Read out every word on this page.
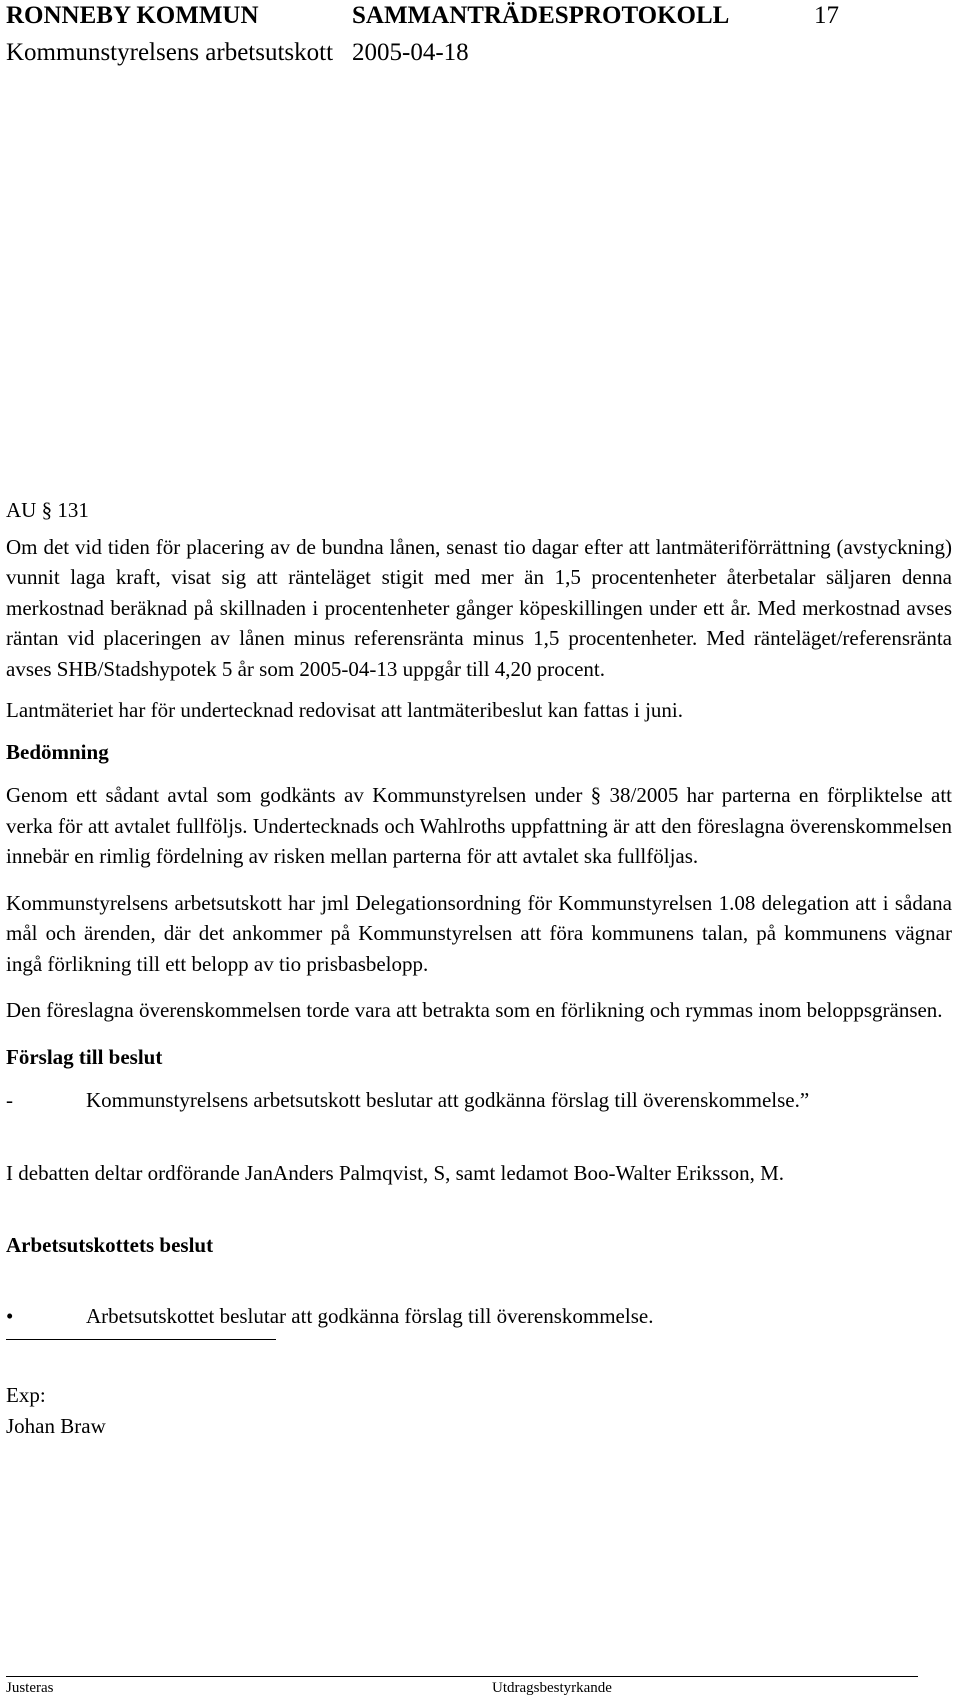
RONNEBY KOMMUN	SAMMANTRÄDESPROTOKOLL	17
Kommunstyrelsens arbetsutskott 2005-04-18

AU § 131

Om det vid tiden för placering av de bundna lånen, senast tio dagar efter att lantmäteriförrättning (avstyckning) vunnit laga kraft, visat sig att ränteläget stigit med mer än 1,5 procentenheter återbetalar säljaren denna merkostnad beräknad på skillnaden i procentenheter gånger köpeskillingen under ett år. Med merkostnad avses räntan vid placeringen av lånen minus referensränta minus 1,5 procentenheter. Med ränteläget/referensränta avses SHB/Stadshypotek 5 år som 2005-04-13 uppgår till 4,20 procent.

Lantmäteriet har för undertecknad redovisat att lantmäteribeslut kan fattas i juni.

Bedömning

Genom ett sådant avtal som godkänts av Kommunstyrelsen under § 38/2005 har parterna en förpliktelse att verka för att avtalet fullföljs. Undertecknads och Wahlroths uppfattning är att den föreslagna överenskommelsen innebär en rimlig fördelning av risken mellan parterna för att avtalet ska fullföljas.

Kommunstyrelsens arbetsutskott har jml Delegationsordning för Kommunstyrelsen 1.08 delegation att i sådana mål och ärenden, där det ankommer på Kommunstyrelsen att föra kommunens talan, på kommunens vägnar ingå förlikning till ett belopp av tio prisbasbelopp.

Den föreslagna överenskommelsen torde vara att betrakta som en förlikning och rymmas inom beloppsgränsen.

Förslag till beslut

-	Kommunstyrelsens arbetsutskott beslutar att godkänna förslag till överenskommelse.”

I debatten deltar ordförande JanAnders Palmqvist, S, samt ledamot Boo-Walter Eriksson, M.

Arbetsutskottets beslut

•	Arbetsutskottet beslutar att godkänna förslag till överenskommelse.

Exp:

Johan Braw

Justeras	Utdragsbestyrkande
